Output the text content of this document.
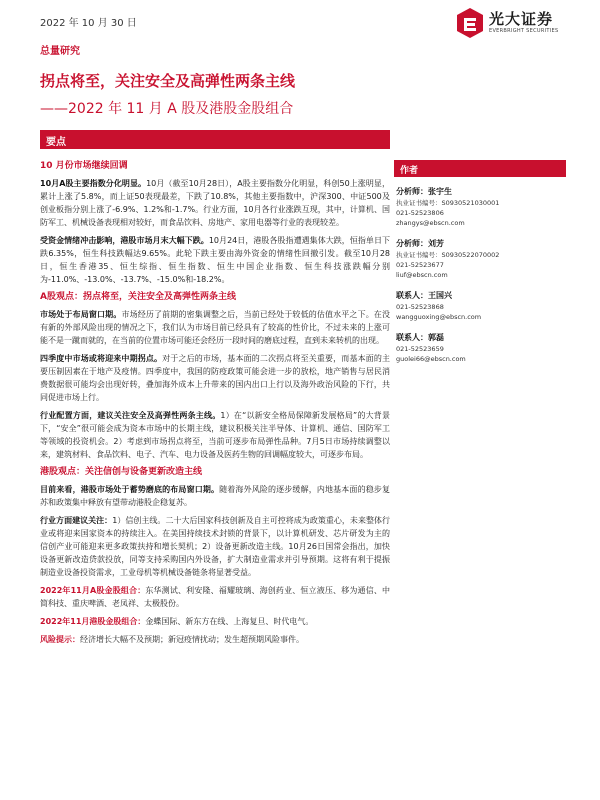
2022 年 10 月 30 日	光大证券
EVERBRIGHT SECURITIES
总量研究
拐点将至，关注安全及高弹性两条主线
——2022 年 11 月 A 股及港股金股组合
要点
作者
10 月份市场继续回调

10月A股主要指数分化明显。10月（截至10月28日），A股主要指数分化明显，科创50上涨明显，累计上涨了5.8%，而上证50表现最差，下跌了10.8%，其他主要指数中，沪深300、中证500及创业板指分别上涨了-6.9%、1.2%和-1.7%。行业方面，10月各行业涨跌互现，其中，计算机、国防军工、机械设备表现相对较好，而食品饮料、房地产、家用电器等行业的表现较差。

受资金情绪冲击影响，港股市场月末大幅下跌。10月24日，港股各股指遭遇集体大跌，恒指单日下跌6.35%，恒生科技跌幅达9.65%。此轮下跌主要由海外资金的情绪性回撤引发。截至10月28日，恒生香港35、恒生综指、恒生指数、恒生中国企业指数、恒生科技涨跌幅分别为-11.0%、-13.0%、-13.7%、-15.0%和-18.2%。

A股观点：拐点将至，关注安全及高弹性两条主线

市场处于布局窗口期。市场经历了前期的密集调整之后，当前已经处于较低的估值水平之下。在没有新的外部风险出现的情况之下，我们认为市场目前已经具有了较高的性价比，不过未来的上涨可能不是一蹴而就的，在当前的位置市场可能还会经历一段时间的磨底过程，直到未来转机的出现。

四季度中市场或将迎来中期拐点。对于之后的市场，基本面的二次拐点将至关重要，而基本面的主要压制因素在于地产及疫情。四季度中，我国的防疫政策可能会进一步的放松，地产销售与居民消费数据很可能均会出现好转，叠加海外成本上升带来的国内出口上行以及海外政治风险的下行，共同促进市场上行。

行业配置方面，建议关注安全及高弹性两条主线。1）在“以新安全格局保障新发展格局”的大背景下，“安全”很可能会成为资本市场中的长期主线，建议积极关注半导体、计算机、通信、国防军工等领域的投资机会。2）考虑到市场拐点将至，当前可逐步布局弹性品种。7月5日市场持续调整以来，建筑材料、食品饮料、电子、汽车、电力设备及医药生物的回调幅度较大，可逐步布局。

港股观点：关注信创与设备更新改造主线

目前来看，港股市场处于蓄势磨底的布局窗口期。随着海外风险的逐步缓解，内地基本面的稳步复苏和政策集中释放有望带动港股企稳复苏。

行业方面建议关注：1）信创主线。二十大后国家科技创新及自主可控将成为政策重心，未来整体行业或将迎来国家资本的持续注入。在美国持续技术封锁的背景下，以计算机研发、芯片研发为主的信创产业可能迎来更多政策扶持和增长契机；2）设备更新改造主线。10月26日国常会指出，加快设备更新改造贷款投放，同等支持采购国内外设备，扩大制造业需求并引导预期。这将有利于提振制造业设备投资需求，工业母机等机械设备链条将显著受益。

2022年11月A股金股组合：东华测试、利安隆、福耀玻璃、海创药业、恒立液压、移为通信、中简科技、重庆啤酒、老凤祥、太极股份。

2022年11月港股金股组合：金蝶国际、新东方在线、上海复旦、时代电气。

风险提示：经济增长大幅不及预期；新冠疫情扰动；发生超预期风险事件。

分析师：张宇生
执业证书编号：S0930521030001
021-52523806
zhangys@ebscn.com
分析师：刘芳
执业证书编号：S0930522070002
021-52523677
liuf@ebscn.com
联系人：王国兴
021-52523868
wangguoxing@ebscn.com
联系人：郭磊
021-52523659
guolei66@ebscn.com
